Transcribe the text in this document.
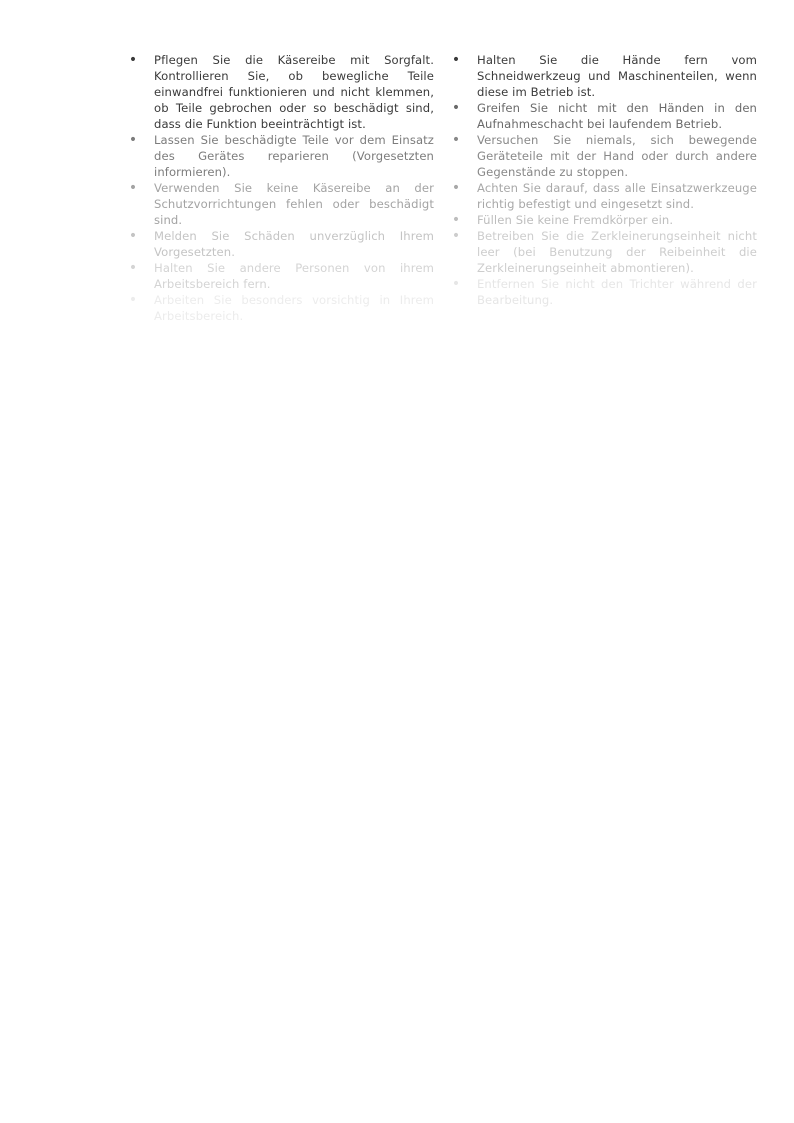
• Pflegen Sie die Käsereibe mit Sorgfalt. Kontrollieren Sie, ob bewegliche Teile einwandfrei funktionieren und nicht klemmen, ob Teile gebrochen oder so beschädigt sind, dass die Funktion beeinträchtigt ist.
• Lassen Sie beschädigte Teile vor dem Einsatz des Gerätes reparieren (Vorgesetzten informieren).
• Verwenden Sie keine Käsereibe an der Schutzvorrichtungen fehlen oder beschädigt sind.
• Melden Sie Schäden unverzüglich Ihrem Vorgesetzten.
• Halten Sie andere Personen von ihrem Arbeitsbereich fern.
• Arbeiten Sie besonders vorsichtig in Ihrem Arbeitsbereich.
• Halten Sie die Hände fern vom Schneidwerkzeug und Maschinenteilen, wenn diese im Betrieb ist.
• Greifen Sie nicht mit den Händen in den Aufnahmeschacht bei laufendem Betrieb.
• Versuchen Sie niemals, sich bewegende Geräteteile mit der Hand oder durch andere Gegenstände zu stoppen.
• Achten Sie darauf, dass alle Einsatzwerkzeuge richtig befestigt und eingesetzt sind.
• Füllen Sie keine Fremdkörper ein.
• Betreiben Sie die Zerkleinerungseinheit nicht leer (bei Benutzung der Reibeinheit die Zerkleinerungseinheit abmontieren).
• Entfernen Sie nicht den Trichter während der Bearbeitung.
